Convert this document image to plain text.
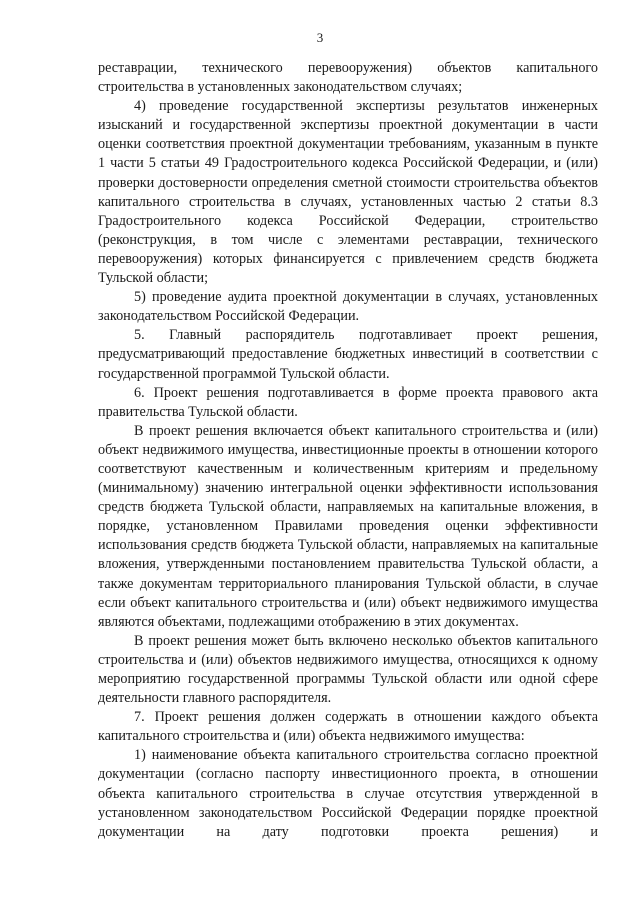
3

реставрации, технического перевооружения) объектов капитального строительства в установленных законодательством случаях;

4) проведение государственной экспертизы результатов инженерных изысканий и государственной экспертизы проектной документации в части оценки соответствия проектной документации требованиям, указанным в пункте 1 части 5 статьи 49 Градостроительного кодекса Российской Федерации, и (или) проверки достоверности определения сметной стоимости строительства объектов капитального строительства в случаях, установленных частью 2 статьи 8.3 Градостроительного кодекса Российской Федерации, строительство (реконструкция, в том числе с элементами реставрации, технического перевооружения) которых финансируется с привлечением средств бюджета Тульской области;

5) проведение аудита проектной документации в случаях, установленных законодательством Российской Федерации.

5. Главный распорядитель подготавливает проект решения, предусматривающий предоставление бюджетных инвестиций в соответствии с государственной программой Тульской области.

6. Проект решения подготавливается в форме проекта правового акта правительства Тульской области.

В проект решения включается объект капитального строительства и (или) объект недвижимого имущества, инвестиционные проекты в отношении которого соответствуют качественным и количественным критериям и предельному (минимальному) значению интегральной оценки эффективности использования средств бюджета Тульской области, направляемых на капитальные вложения, в порядке, установленном Правилами проведения оценки эффективности использования средств бюджета Тульской области, направляемых на капитальные вложения, утвержденными постановлением правительства Тульской области, а также документам территориального планирования Тульской области, в случае если объект капитального строительства и (или) объект недвижимого имущества являются объектами, подлежащими отображению в этих документах.

В проект решения может быть включено несколько объектов капитального строительства и (или) объектов недвижимого имущества, относящихся к одному мероприятию государственной программы Тульской области или одной сфере деятельности главного распорядителя.

7. Проект решения должен содержать в отношении каждого объекта капитального строительства и (или) объекта недвижимого имущества:

1) наименование объекта капитального строительства согласно проектной документации (согласно паспорту инвестиционного проекта, в отношении объекта капитального строительства в случае отсутствия утвержденной в установленном законодательством Российской Федерации порядке проектной документации на дату подготовки проекта решения) и
